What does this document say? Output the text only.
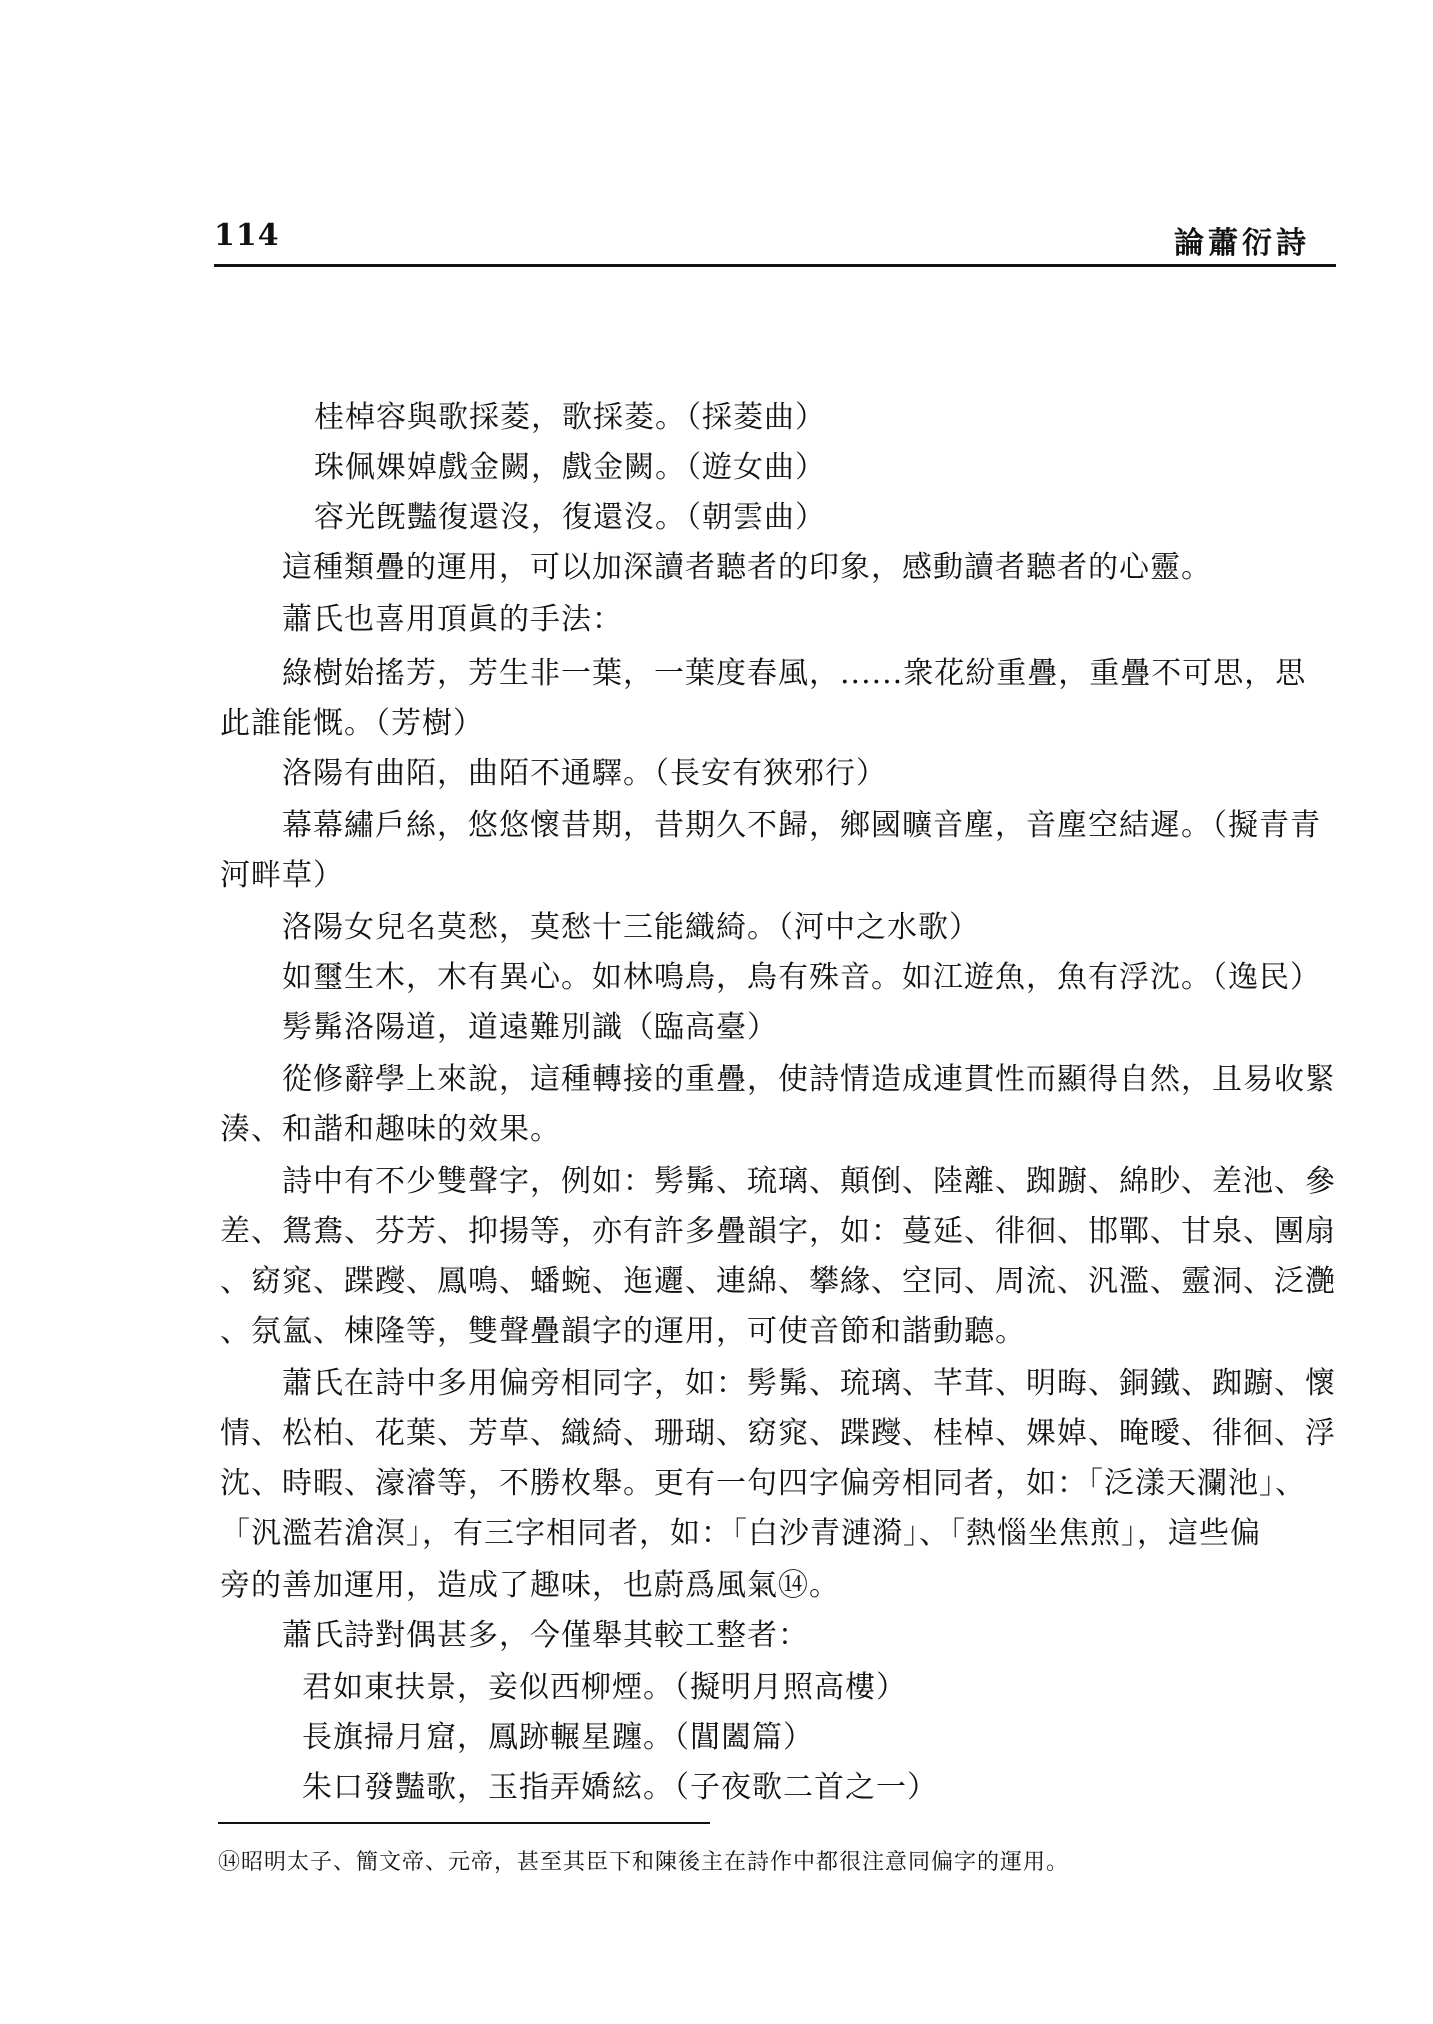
114	論蕭衍詩
桂棹容與歌採菱，歌採菱。（採菱曲）
珠佩婐婥戲金闕，戲金闕。（遊女曲）
容光旣豔復還沒，復還沒。（朝雲曲）
這種類疊的運用，可以加深讀者聽者的印象，感動讀者聽者的心靈。
蕭氏也喜用頂眞的手法：
綠樹始搖芳，芳生非一葉，一葉度春風，......衆花紛重疊，重疊不可思，思
此誰能慨。（芳樹）
洛陽有曲陌，曲陌不通驛。（長安有狹邪行）
幕幕繡戶絲，悠悠懷昔期，昔期久不歸，鄉國曠音塵，音塵空結遲。（擬青青
河畔草）
洛陽女兒名莫愁，莫愁十三能織綺。（河中之水歌）
如璽生木，木有異心。如林鳴鳥，鳥有殊音。如江遊魚，魚有浮沈。（逸民）
髣髴洛陽道，道遠難別識（臨高臺）
從修辭學上來說，這種轉接的重疊，使詩情造成連貫性而顯得自然，且易收緊
湊、和諧和趣味的效果。
詩中有不少雙聲字，例如：髣髴、琉璃、顛倒、陸離、踟躕、綿眇、差池、參
差、鴛鴦、芬芳、抑揚等，亦有許多疊韻字，如：蔓延、徘徊、邯鄲、甘泉、團扇
、窈窕、蹀躞、鳳鳴、蟠蜿、迤邐、連綿、攀緣、空同、周流、汎濫、靈洞、泛灔
、氛氳、棟隆等，雙聲疊韻字的運用，可使音節和諧動聽。
蕭氏在詩中多用偏旁相同字，如：髣髴、琉璃、芊茸、明晦、銅鐵、踟躕、懷
情、松柏、花葉、芳草、織綺、珊瑚、窈窕、蹀躞、桂棹、婐婥、晻曖、徘徊、浮
沈、時暇、濠濬等，不勝枚舉。更有一句四字偏旁相同者，如：「泛漾天瀾池」、
「汎濫若滄溟」，有三字相同者，如：「白沙青漣漪」、「熱惱坐焦煎」，這些偏
旁的善加運用，造成了趣味，也蔚爲風氣⑭。
蕭氏詩對偶甚多，今僅舉其較工整者：
君如東扶景，妾似西柳煙。（擬明月照高樓）
長旗掃月窟，鳳跡輾星躔。（閶闔篇）
朱口發豔歌，玉指弄嬌絃。（子夜歌二首之一）
⑭昭明太子、簡文帝、元帝，甚至其臣下和陳後主在詩作中都很注意同偏字的運用。
